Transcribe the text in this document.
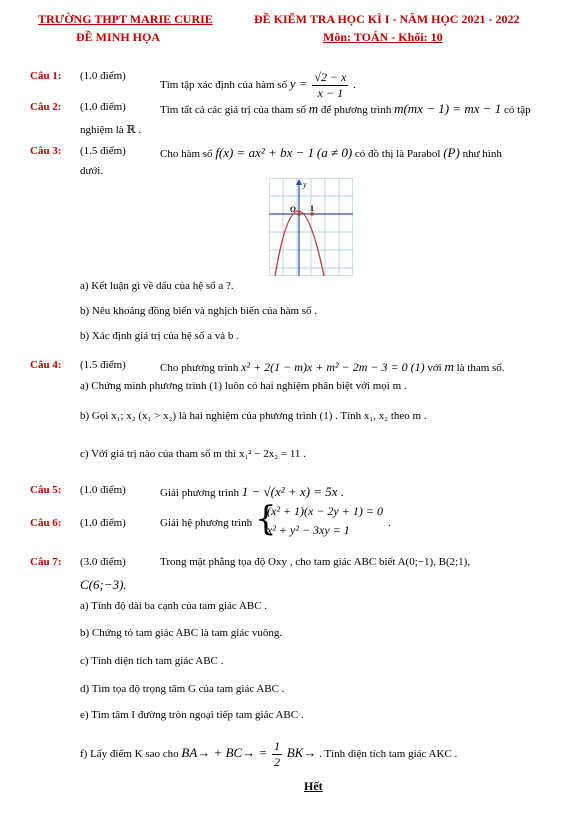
TRƯỜNG THPT MARIE CURIE
ĐỀ MINH HỌA
ĐỀ KIỂM TRA HỌC KÌ I - NĂM HỌC 2021 - 2022
Môn: TOÁN - Khối: 10
Câu 1: (1.0 điểm)
Tìm tập xác định của hàm số $y = \frac{√2 - x}{x - 1}$ .
Câu 2: (1.0 điểm)	Tìm tất cả các giá trị của tham số m để phương trình m(mx − 1) = mx − 1 có tập
nghiệm là ℝ .
Câu 3: (1.5 điểm)	Cho hàm số f(x) = ax² + bx − 1 (a ≠ 0) có đồ thị là Parabol (P) như hình
dưới.
y
O 1
a) Kết luận gì về dấu của hệ số a ?.
b) Nêu khoảng đồng biến và nghịch biến của hàm số .
b) Xác định giá trị của hệ số a và b .
Câu 4: (1.5 điểm)	Cho phương trình x² + 2(1 − m)x + m² − 2m − 3 = 0 (1) với m là tham số.
a) Chứng minh phương trình (1) luôn có hai nghiệm phân biệt với mọi m .
b) Gọi x₁; x₂ (x₁ > x₂) là hai nghiệm của phương trình (1) . Tính x₁, x₂ theo m .
c) Với giá trị nào của tham số m thì x₁² − 2x₂ = 11 .
Câu 5: (1.0 điểm)	Giải phương trình 1 − √(x² + x) = 5x .
Câu 6: (1.0 điểm)	Giải hệ phương trình {
(x² + 1)(x − 2y + 1) = 0
x² + y² − 3xy = 1	.
Câu 7: (3.0 điểm)	Trong mặt phẳng tọa độ Oxy , cho tam giác ABC biết A(0;−1), B(2;1),
C(6;−3).
a) Tính độ dài ba cạnh của tam giác ABC .
b) Chứng tỏ tam giác ABC là tam giác vuông.
c) Tính diện tích tam giác ABC .
d) Tìm tọa độ trọng tâm G của tam giác ABC .
e) Tìm tâm I đường tròn ngoại tiếp tam giác ABC .
f) Lấy điểm K sao cho $BA\to + BC\to = \frac{1}{2} BK\to$ . Tính diện tích tam giác AKC .
Hết
